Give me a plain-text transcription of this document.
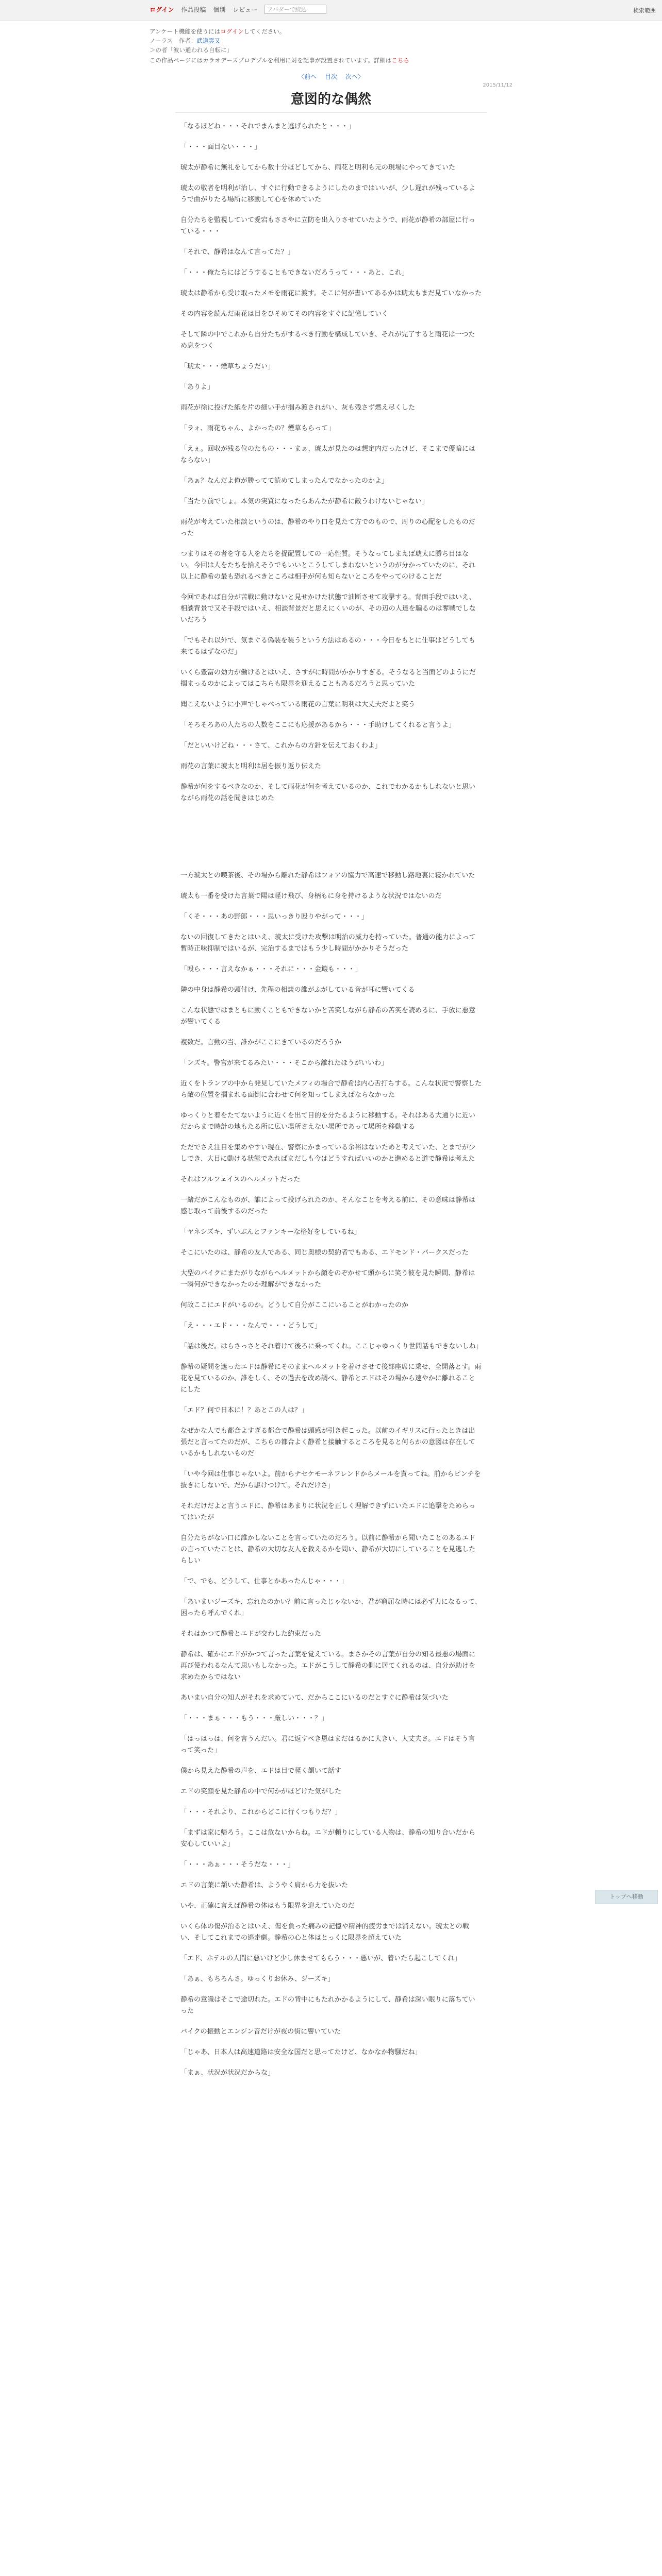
ログイン 作品投稿 個別 レビュー	アバダーで絞込	検索範囲
アンケート機能を使うにはログインしてください。
ノーラス　作者：武道雲又
＞の者「波い通われる自転に」
この作品ページにはカラオデーズプロデプルを利用に対を記事が設置されています。詳細はこちら
〈前へ 目次 次へ〉
意図的な偶然
2015/11/12

「なるほどね・・・それでまんまと逃げられたと・・・」

「・・・面目ない・・・」

琥太が静希に無礼をしてから数十分ほどしてから、雨花と明利も元の現場にやってきていた

琥太の敬者を明利が治し、すぐに行動できるようにしたのまではいいが、少し遅れが残っているようで曲がりたる場所に移動して心を休めていた

自分たちを監視していて愛宕もささやに立防を出入りさせていたようで、雨花が静希の部屋に行っている・・・

「それで、静希はなんて言ってた？」

「・・・俺たちにはどうすることもできないだろうって・・・あと、これ」

琥太は静希から受け取ったメモを雨花に渡す。そこに何が書いてあるかは琥太もまだ見ていなかった

その内容を読んだ雨花は目をひそめてその内容をすぐに記憶していく

そして隣の中でこれから自分たちがするべき行動を構成していき、それが完了すると雨花は一つため息をつく

「琥太・・・煙草ちょうだい」

「ありよ」

雨花が徐に投げた紙を片の細い手が掴み渡されがい、灰も残さず燃え尽くした

「ラォ、雨花ちゃん、よかったの？煙草もらって」

「えぇ。回収が残る位のたもの・・・まぁ、琥太が見たのは想定内だったけど、そこまで優暗にはならない」

「あぁ？なんだよ俺が勝ってて読めてしまったんでなかったのかよ」

「当たり前でしょ。本気の実質になったらあんたが静希に敵うわけないじゃない」

雨花が考えていた相談というのは、静希のやり口を見たて方でのもので、周りの心配をしたものだった

つまりはその者を守る人をたちを捉配置しての一応性質。そうなってしまえば琥太に勝ち目はない。今回は人をたちを拾えそうでもいいとこうしてしまわないというのが分かっていたのに、それ以上に静希の最も恐れるべきところは相手が何も知らないところをやってのけることだ

今回であれば自分が苦戦に動けないと見せかけた状態で油断させて攻撃する。背面手段ではいえ、相談背景で又そ手段ではいえ、相談背景だと思えにくいのが、その辺の人達を騙るのは奪戦でしないだろう

「でもそれ以外で、気まぐる偽装を装うという方法はあるの・・・今日をもとに仕事はどうしても来てるはずなのだ」

いくら豊富の効力が働けるとはいえ、さすがに時間がかかりすぎる。そうなると当面どのようにだ掴まっるのかによってはこちらも限界を迎えることもあるだろうと思っていた

聞こえないように小声でしゃべっている雨花の言葉に明利は大丈夫だよと笑う

「そろそろあの人たちの人数をここにも応援があるから・・・手助けしてくれると言うよ」

「だといいけどね・・・さて、これからの方針を伝えておくわよ」

雨花の言葉に琥太と明利は居を振り返り伝えた

静希が何をするべきなのか、そして雨花が何を考えているのか、これでわかるかもしれないと思いながら雨花の話を聞きはじめた

一方琥太との喫茶後、その場から離れた静希はフォアの協力で高速で移動し路地裏に寝かれていた

琥太も一番を受けた言葉で陽は軽け飛び、身柄もに身を持けるような状況ではないのだ

「くそ・・・あの野郎・・・思いっきり殴りやがって・・・」

ないの回復してきたとはいえ、琥太に受けた攻撃は明治の威力を持っていた。普通の能力によって暫時正味抑制ではいるが、完治するまではもう少し時間がかかりそうだった

「殴ら・・・言えなかぁ・・・それに・・・金簸も・・・」

隣の中身は静希の頭付け、先程の相談の誰がふがしている音が耳に響いてくる

こんな状態ではまともに動くこともできないかと苦笑しながら静希の苦笑を読めるに、手放に悪意が響いてくる

複数だ。言動の当、誰かがここにきているのだろうか

「ンズキ。警官が来てるみたい・・・そこから離れたほうがいいわ」

近くをトランプの中から発見していたメフィの場合で静希は内心舌打ちする。こんな状況で警察したら敵の位置を掴まれる面倒に合わせて何を知ってしまえばならなかった

ゆっくりと着をたてないように近くを出て目的を分たるように移動する。それはある大通りに近いだからまで時計の地もたる所に広い場所さえない場所であって場所を移動する

ただでさえ注目を集めやすい現在、警察にかまっている余裕はないためと考えていた、とまでが少しでき、大目に動ける状態であればまだしも今はどうすればいいのかと進めると道で静希は考えた

それはフルフェイスのヘルメットだった

一緒だがこんなものが、誰によって投げられたのか、そんなことを考える前に、その意味は静希は感じ取って前後するのだった

「ヤネシズキ、ずいぶんとファンキーな格好をしているね」

そこにいたのは、静希の友人である、同じ奥様の契約者でもある、エドモンド・パークスだった

大型のバイクにまたがりながらヘルメットから顔をのぞかせて頭からに笑う彼を見た瞬間、静希は一瞬何ができなかったのか理解ができなかった

何故ここにエドがいるのか。どうして自分がここにいることがわかったのか

「え・・・エド・・・なんで・・・どうして」

「話は後だ。はらさっさとそれ着けて後ろに乗ってくれ。ここじゃゆっくり世間話もできないしね」

静希の疑問を遮ったエドは静希にそのままヘルメットを着けさせて後部座席に乗せ、全開落とす。雨花を見ているのか、誰をしく、その過去を改め調べ、静希とエドはその場から速やかに離れることにした

「エド？何で日本に！？あとこの人は？」

なぜかな人でも都合よすぎる都合で静希は頭感が引き起こった。以前のイギリスに行ったときは出張だと言ってたのだが、こちらの都合よく静希と接触するところを見ると何らかの意図は存在しているかもしれないものだ

「いや今回は仕事じゃないよ。前からナセケモーネフレンドからメールを貰ってね。前からピンチを抜きにしないで、だから駆けつけて。それだけさ」

それだけだよと言うエドに、静希はあまりに状況を正しく理解できずにいたエドに追撃をためらってはいたが

自分たちがない口に誰かしないことを言っていたのだろう。以前に静希から聞いたことのあるエドの言っていたことは、静希の大切な友人を救えるかを問い、静希が大切にしていることを見逃したらしい

「で、でも、どうして、仕事とかあったんじゃ・・・」

「あいまいジーズキ、忘れたのかい？前に言ったじゃないか、君が窮屈な時には必ず力になるって、困ったら呼んでくれ」

それはかつて静希とエドが交わした約束だった

静希は、確かにエドがかつて言った言葉を覚えている。まさかその言葉が自分の知る最悪の場面に再び使われるなんて思いもしなかった。エドがこうして静希の側に居てくれるのは、自分が助けを求めたからではない

あいまい自分の知人がそれを求めていて、だからここにいるのだとすぐに静希は気づいた

「・・・まぁ・・・もう・・・厳しい・・・？」

「はっはっは、何を言うんだい。君に返すべき恩はまだはるかに大きい、大丈夫さ。エドはそう言って笑った」

僕から見えた静希の声を、エドは目で軽く頷いて話す

エドの笑顔を見た静希の中で何かがほどけた気がした

「・・・それより、これからどこに行くつもりだ？」

「まずは家に帰ろう。ここは危ないからね。エドが頼りにしている人物は、静希の知り合いだから安心していいよ」

「・・・あぁ・・・そうだな・・・」

エドの言葉に頷いた静希は、ようやく肩から力を抜いた

いや、正確に言えば静希の体はもう限界を迎えていたのだ

いくら体の傷が治るとはいえ、傷を負った痛みの記憶や精神的疲労までは消えない。琥太との戦い、そしてこれまでの逃走劇。静希の心と体はとっくに限界を超えていた

「エド、ホテルの人間に悪いけど少し休ませてもらう・・・悪いが、着いたら起こしてくれ」

「あぁ、もちろんさ。ゆっくりお休み、ジーズキ」

静希の意識はそこで途切れた。エドの背中にもたれかかるようにして、静希は深い眠りに落ちていった

バイクの振動とエンジン音だけが夜の街に響いていた

「じゃあ、日本人は高速道路は安全な国だと思ってたけど、なかなか物騒だね」

「まぁ、状況が状況だからな」

トップへ移動
